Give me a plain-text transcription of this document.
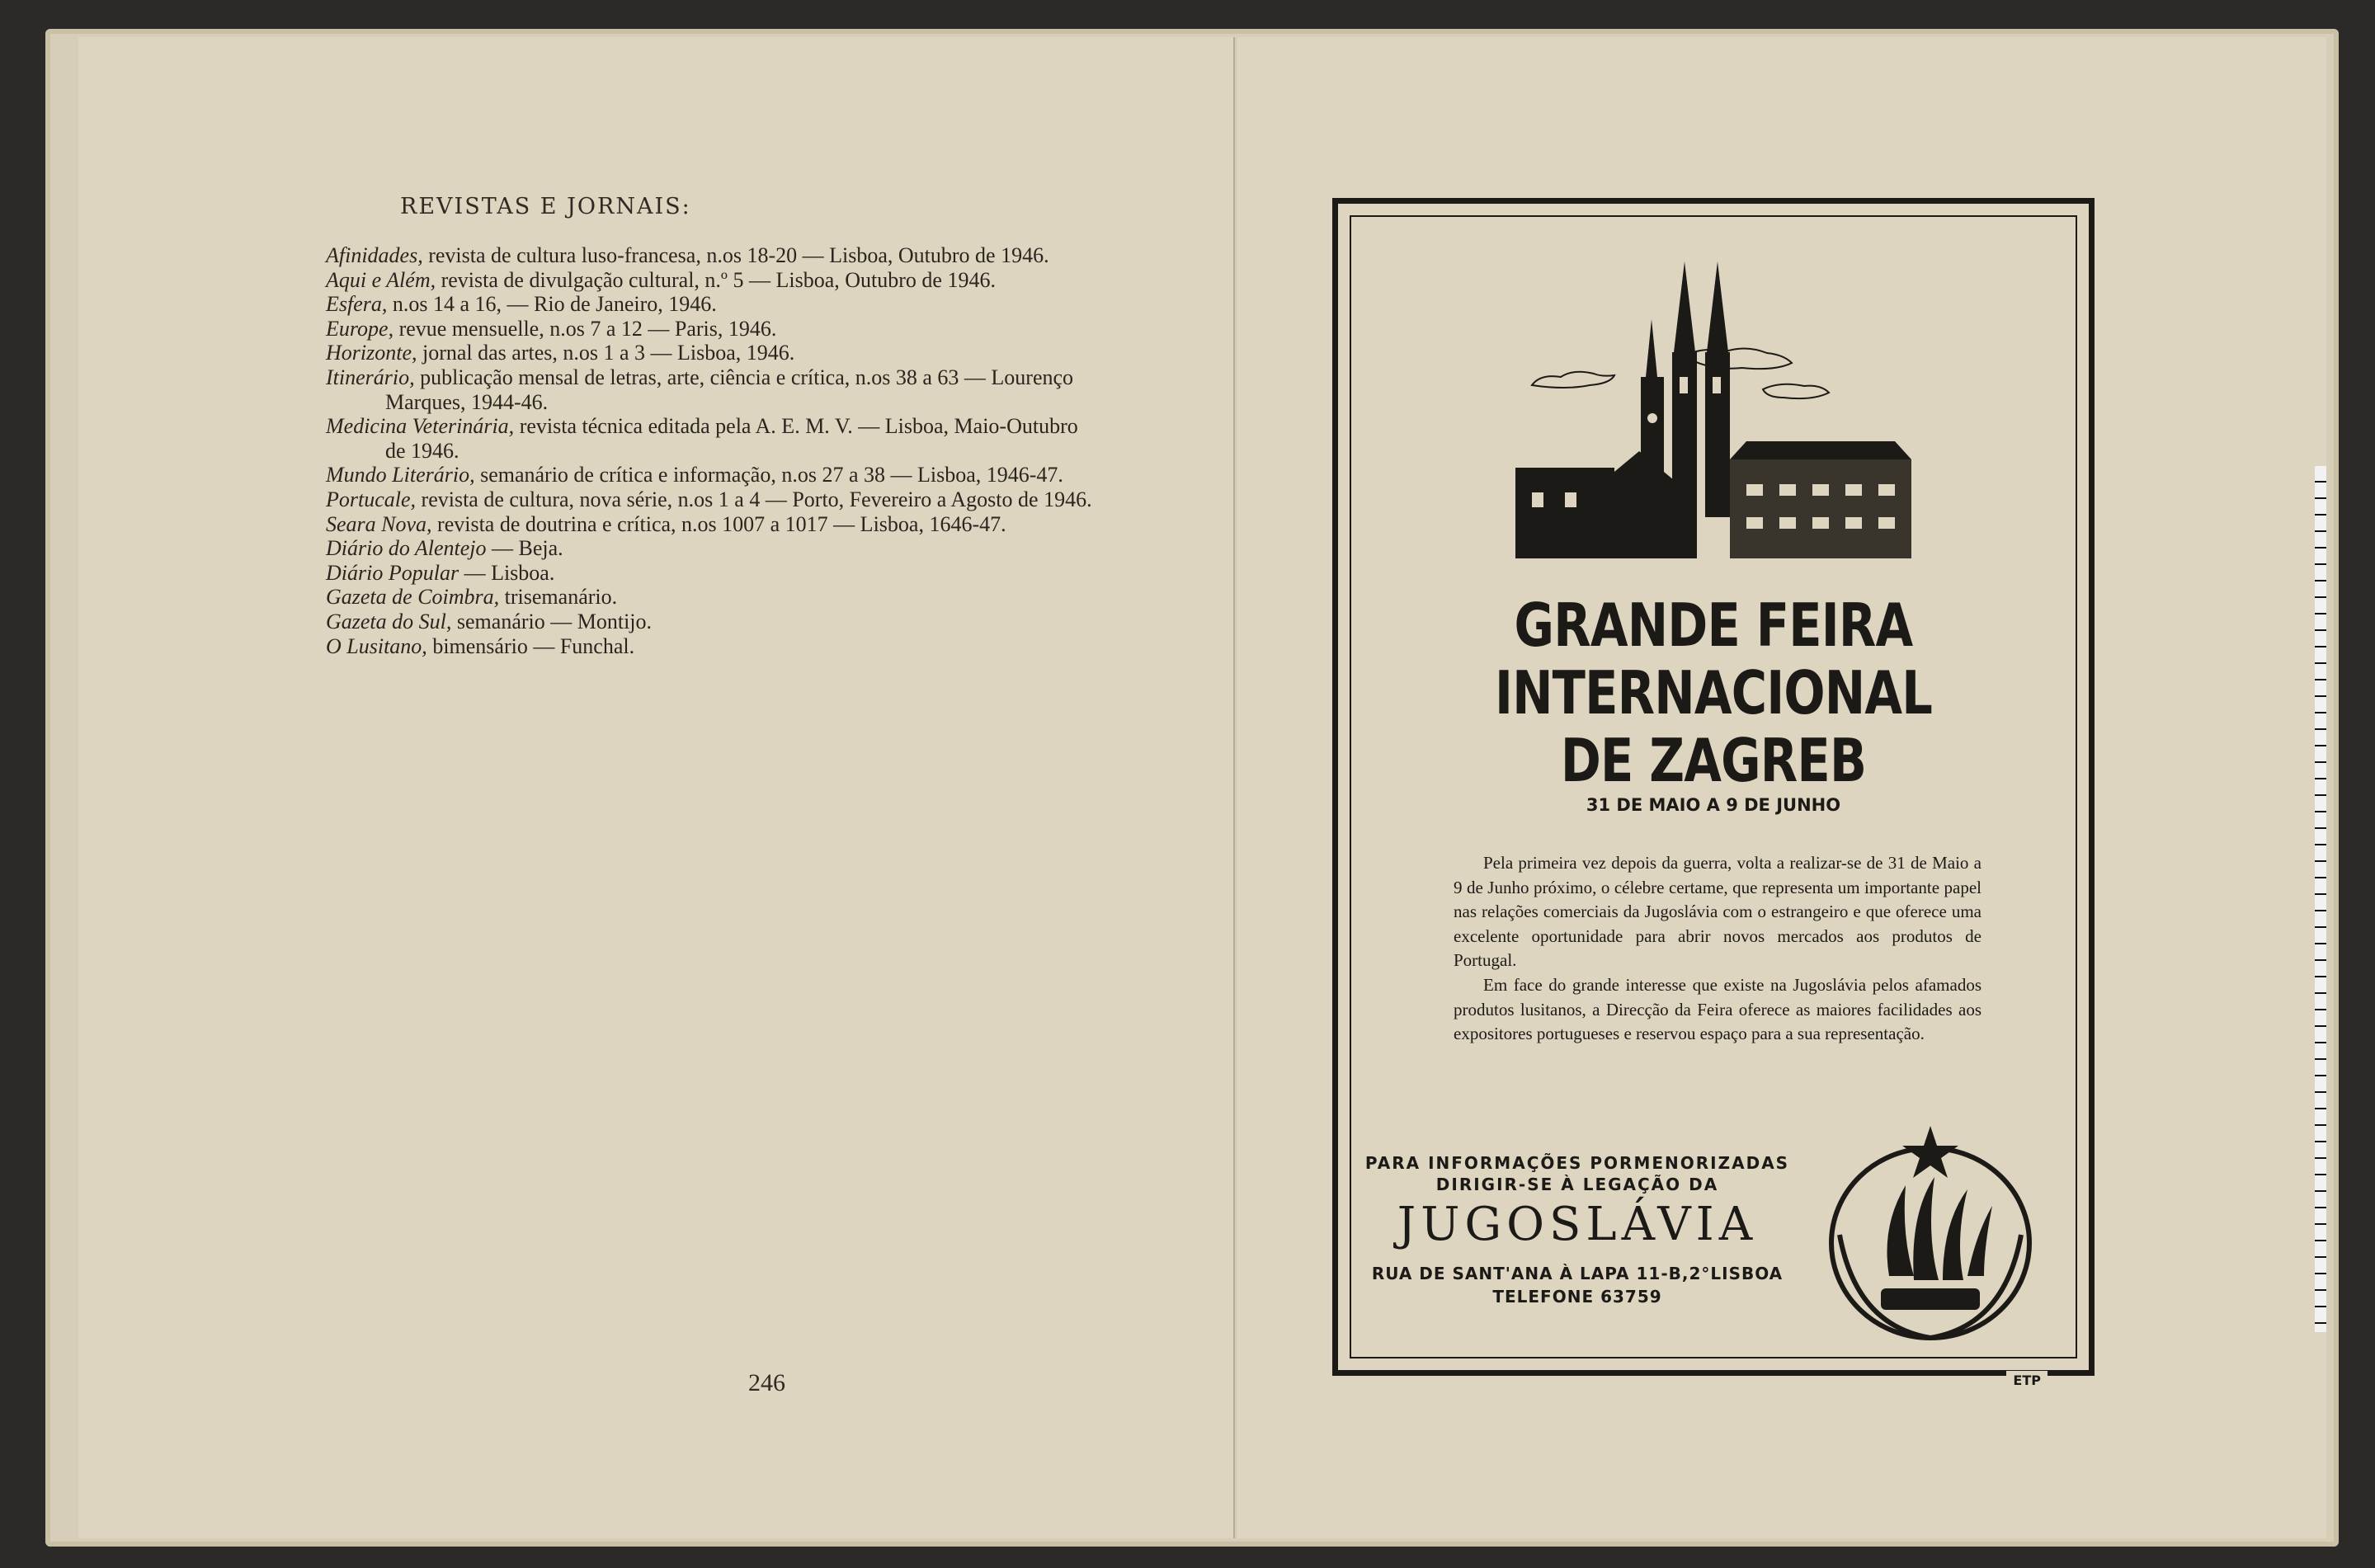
REVISTAS E JORNAIS:

Afinidades, revista de cultura luso-francesa, n.os 18-20 — Lisboa, Outubro de 1946.

Aqui e Além, revista de divulgação cultural, n.º 5 — Lisboa, Outubro de 1946.

Esfera, n.os 14 a 16, — Rio de Janeiro, 1946.

Europe, revue mensuelle, n.os 7 a 12 — Paris, 1946.

Horizonte, jornal das artes, n.os 1 a 3 — Lisboa, 1946.

Itinerário, publicação mensal de letras, arte, ciência e crítica, n.os 38 a 63 — Lourenço Marques, 1944-46.

Medicina Veterinária, revista técnica editada pela A. E. M. V. — Lisboa, Maio-Outubro de 1946.

Mundo Literário, semanário de crítica e informação, n.os 27 a 38 — Lisboa, 1946-47.

Portucale, revista de cultura, nova série, n.os 1 a 4 — Porto, Fevereiro a Agosto de 1946.

Seara Nova, revista de doutrina e crítica, n.os 1007 a 1017 — Lisboa, 1646-47.

Diário do Alentejo — Beja.

Diário Popular — Lisboa.

Gazeta de Coimbra, trisemanário.

Gazeta do Sul, semanário — Montijo.

O Lusitano, bimensário — Funchal.

246
GRANDE FEIRA
INTERNACIONAL
DE ZAGREB
31 DE MAIO A 9 DE JUNHO

Pela primeira vez depois da guerra, volta a realizar-se de 31 de Maio a 9 de Junho próximo, o célebre certame, que representa um importante papel nas relações comerciais da Jugoslávia com o estrangeiro e que oferece uma excelente oportunidade para abrir novos mercados aos produtos de Portugal.

Em face do grande interesse que existe na Jugoslávia pelos afamados produtos lusitanos, a Direcção da Feira oferece as maiores facilidades aos expositores portugueses e reservou espaço para a sua representação.

PARA INFORMAÇÕES PORMENORIZADAS
DIRIGIR-SE À LEGAÇÃO DA
JUGOSLÁVIA
RUA DE SANT'ANA À LAPA 11-B,2°LISBOA
TELEFONE 63759
ETP
